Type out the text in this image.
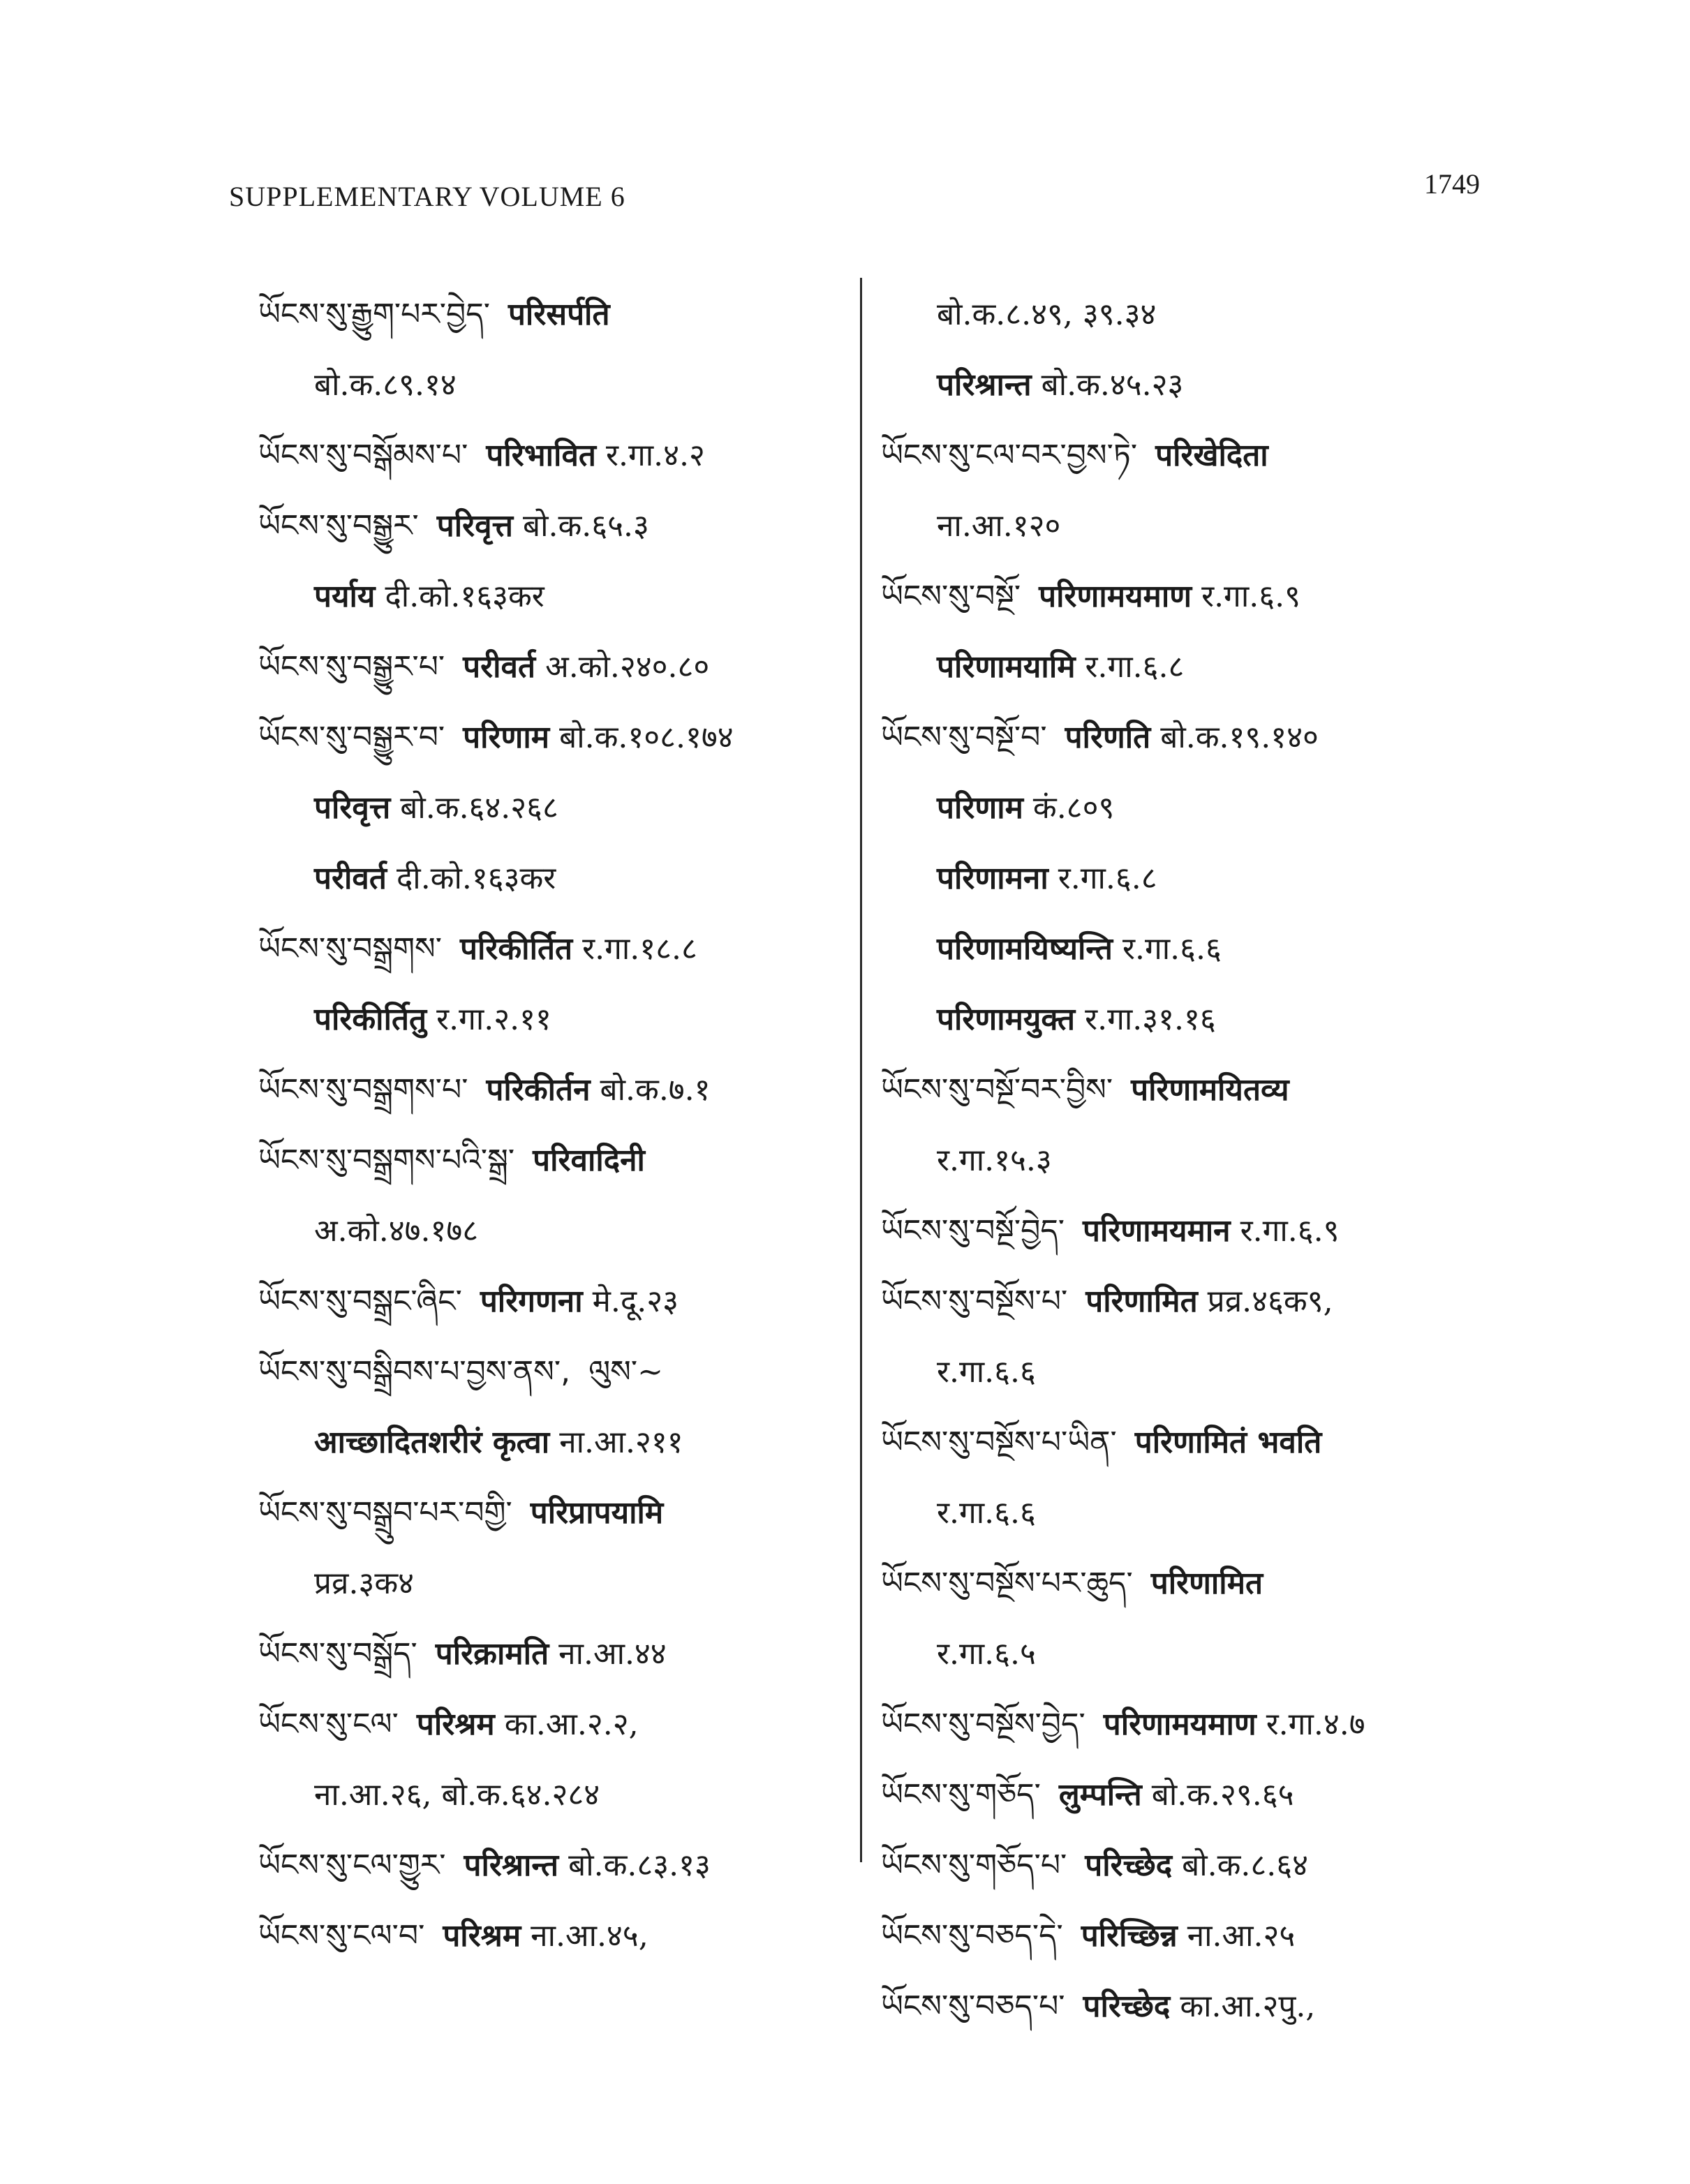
SUPPLEMENTARY VOLUME 6	1749
ཡོངས་སུ་རྒྱུག་པར་བྱེད་ परिसर्पति
बो.क.८९.१४
ཡོངས་སུ་བསྒོམས་པ་ परिभावित र.गा.४.२
ཡོངས་སུ་བསྒྱུར་ परिवृत्त बो.क.६५.३
पर्याय दी.को.१६३कर
ཡོངས་སུ་བསྒྱུར་པ་ परीवर्त अ.को.२४०.८०
ཡོངས་སུ་བསྒྱུར་བ་ परिणाम बो.क.१०८.१७४
परिवृत्त बो.क.६४.२६८
परीवर्त दी.को.१६३कर
ཡོངས་སུ་བསྒྲགས་ परिकीर्तित र.गा.१८.८
परिकीर्तितु र.गा.२.११
ཡོངས་སུ་བསྒྲགས་པ་ परिकीर्तन बो.क.७.१
ཡོངས་སུ་བསྒྲགས་པའི་སྒྲ་ परिवादिनी
अ.को.४७.१७८
ཡོངས་སུ་བསྒྲང་ཞིང་ परिगणना मे.दू.२३
ཡོངས་སུ་བསྒྲིབས་པ་བྱས་ནས་, ལུས་~
आच्छादितशरीरं कृत्वा ना.आ.२११
ཡོངས་སུ་བསྒྲུབ་པར་བགྱི་ परिप्रापयामि
प्रव्र.३क४
ཡོངས་སུ་བསྒྲོད་ परिक्रामति ना.आ.४४
ཡོངས་སུ་ངལ་ परिश्रम का.आ.२.२,
ना.आ.२६, बो.क.६४.२८४
ཡོངས་སུ་ངལ་གྱུར་ परिश्रान्त बो.क.८३.१३
ཡོངས་སུ་ངལ་བ་ परिश्रम ना.आ.४५,
बो.क.८.४९, ३९.३४
परिश्रान्त बो.क.४५.२३
ཡོངས་སུ་ངལ་བར་བྱས་ཏེ་ परिखेदिता
ना.आ.१२०
ཡོངས་སུ་བསྔོ་ परिणामयमाण र.गा.६.९
परिणामयामि र.गा.६.८
ཡོངས་སུ་བསྔོ་བ་ परिणति बो.क.१९.१४०
परिणाम कं.८०९
परिणामना र.गा.६.८
परिणामयिष्यन्ति र.गा.६.६
परिणामयुक्त र.गा.३१.१६
ཡོངས་སུ་བསྔོ་བར་བྱིས་ परिणामयितव्य
र.गा.१५.३
ཡོངས་སུ་བསྔོ་བྱེད་ परिणामयमान र.गा.६.९
ཡོངས་སུ་བསྔོས་པ་ परिणामित प्रव्र.४६क९,
र.गा.६.६
ཡོངས་སུ་བསྔོས་པ་ཡིན་ परिणामितं भवति
र.गा.६.६
ཡོངས་སུ་བསྔོས་པར་ཆུད་ परिणामित
र.गा.६.५
ཡོངས་སུ་བསྔོས་བྱེད་ परिणामयमाण र.गा.४.७
ཡོངས་སུ་གཅོད་ लुम्पन्ति बो.क.२९.६५
ཡོངས་སུ་གཅོད་པ་ परिच्छेद बो.क.८.६४
ཡོངས་སུ་བཅད་དེ་ परिच्छिन्न ना.आ.२५
ཡོངས་སུ་བཅད་པ་ परिच्छेद का.आ.२पु.,
